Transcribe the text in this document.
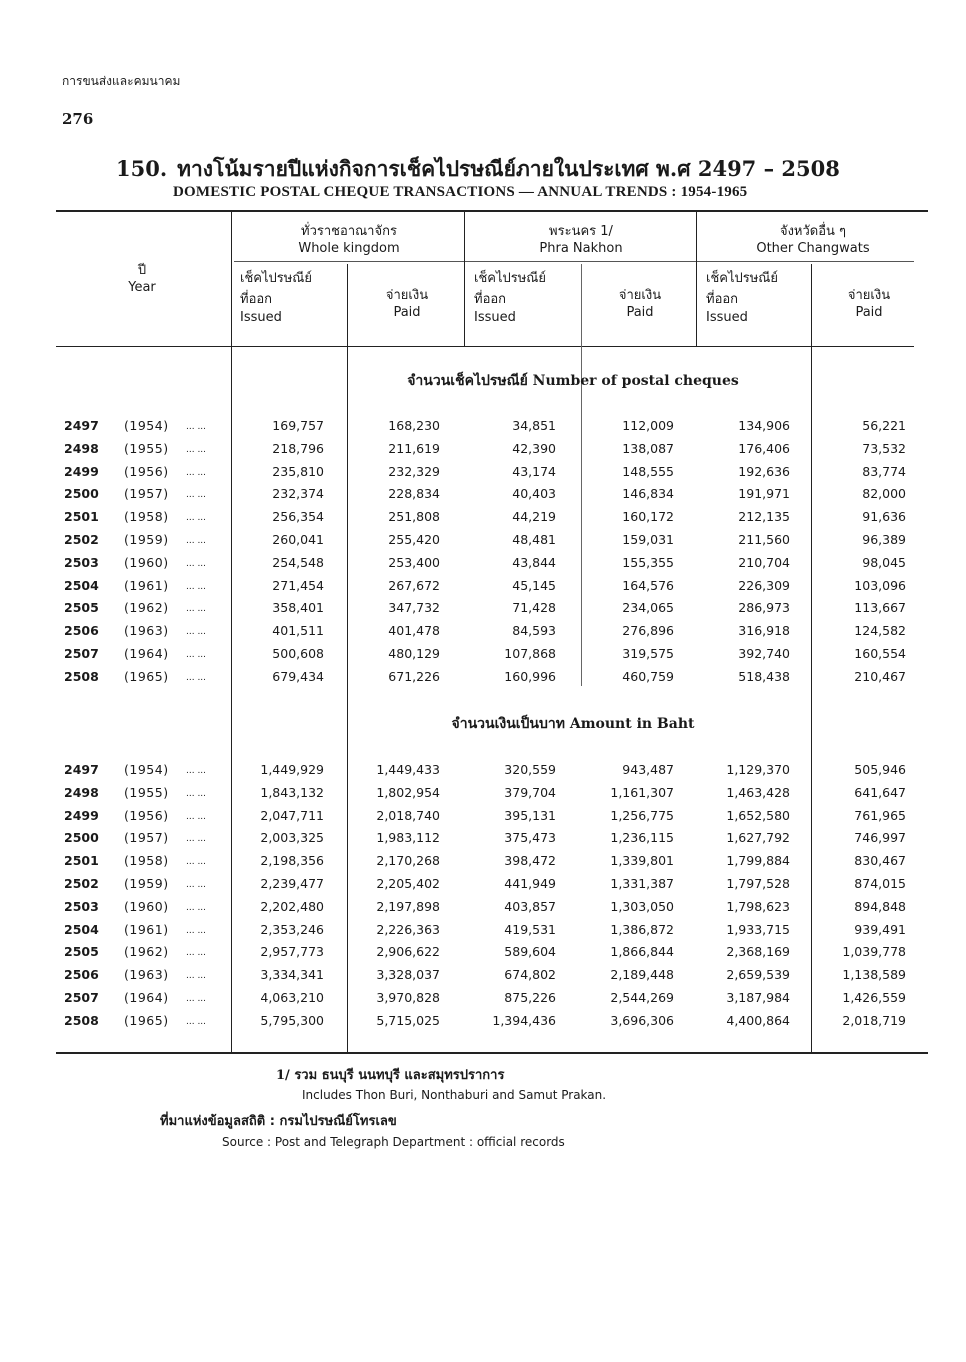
การขนส่งและคมนาคม
276
150. ทางโน้มรายปีแห่งกิจการเช็คไปรษณีย์ภายในประเทศ พ.ศ 2497 – 2508
DOMESTIC POSTAL CHEQUE TRANSACTIONS — ANNUAL TRENDS : 1954-1965
ปี
Year
ทั่วราชอาณาจักร
Whole kingdom
พระนคร 1/
Phra Nakhon
จังหวัดอื่น ๆ
Other Changwats
เช็คไปรษณีย์
ที่ออก
Issued
จ่ายเงิน
Paid
เช็คไปรษณีย์
ที่ออก
Issued
จ่ายเงิน
Paid
เช็คไปรษณีย์
ที่ออก
Issued
จ่ายเงิน
Paid
จำนวนเช็คไปรษณีย์ Number of postal cheques
จำนวนเงินเป็นบาท Amount in Baht
2497 (1954) ... ...	169,757	168,230	34,851	112,009	134,906	56,221
2498 (1955) ... ...	218,796	211,619	42,390	138,087	176,406	73,532
2499 (1956) ... ...	235,810	232,329	43,174	148,555	192,636	83,774
2500 (1957) ... ...	232,374	228,834	40,403	146,834	191,971	82,000
2501 (1958) ... ...	256,354	251,808	44,219	160,172	212,135	91,636
2502 (1959) ... ...	260,041	255,420	48,481	159,031	211,560	96,389
2503 (1960) ... ...	254,548	253,400	43,844	155,355	210,704	98,045
2504 (1961) ... ...	271,454	267,672	45,145	164,576	226,309	103,096
2505 (1962) ... ...	358,401	347,732	71,428	234,065	286,973	113,667
2506 (1963) ... ...	401,511	401,478	84,593	276,896	316,918	124,582
2507 (1964) ... ...	500,608	480,129	107,868	319,575	392,740	160,554
2508 (1965) ... ...	679,434	671,226	160,996	460,759	518,438	210,467
2497 (1954) ... ...	1,449,929	1,449,433	320,559	943,487	1,129,370	505,946
2498 (1955) ... ...	1,843,132	1,802,954	379,704	1,161,307	1,463,428	641,647
2499 (1956) ... ...	2,047,711	2,018,740	395,131	1,256,775	1,652,580	761,965
2500 (1957) ... ...	2,003,325	1,983,112	375,473	1,236,115	1,627,792	746,997
2501 (1958) ... ...	2,198,356	2,170,268	398,472	1,339,801	1,799,884	830,467
2502 (1959) ... ...	2,239,477	2,205,402	441,949	1,331,387	1,797,528	874,015
2503 (1960) ... ...	2,202,480	2,197,898	403,857	1,303,050	1,798,623	894,848
2504 (1961) ... ...	2,353,246	2,226,363	419,531	1,386,872	1,933,715	939,491
2505 (1962) ... ...	2,957,773	2,906,622	589,604	1,866,844	2,368,169	1,039,778
2506 (1963) ... ...	3,334,341	3,328,037	674,802	2,189,448	2,659,539	1,138,589
2507 (1964) ... ...	4,063,210	3,970,828	875,226	2,544,269	3,187,984	1,426,559
2508 (1965) ... ...	5,795,300	5,715,025	1,394,436	3,696,306	4,400,864	2,018,719
1/ รวม ธนบุรี นนทบุรี และสมุทรปราการ
Includes Thon Buri, Nonthaburi and Samut Prakan.
ที่มาแห่งข้อมูลสถิติ : กรมไปรษณีย์โทรเลข
Source : Post and Telegraph Department : official records
